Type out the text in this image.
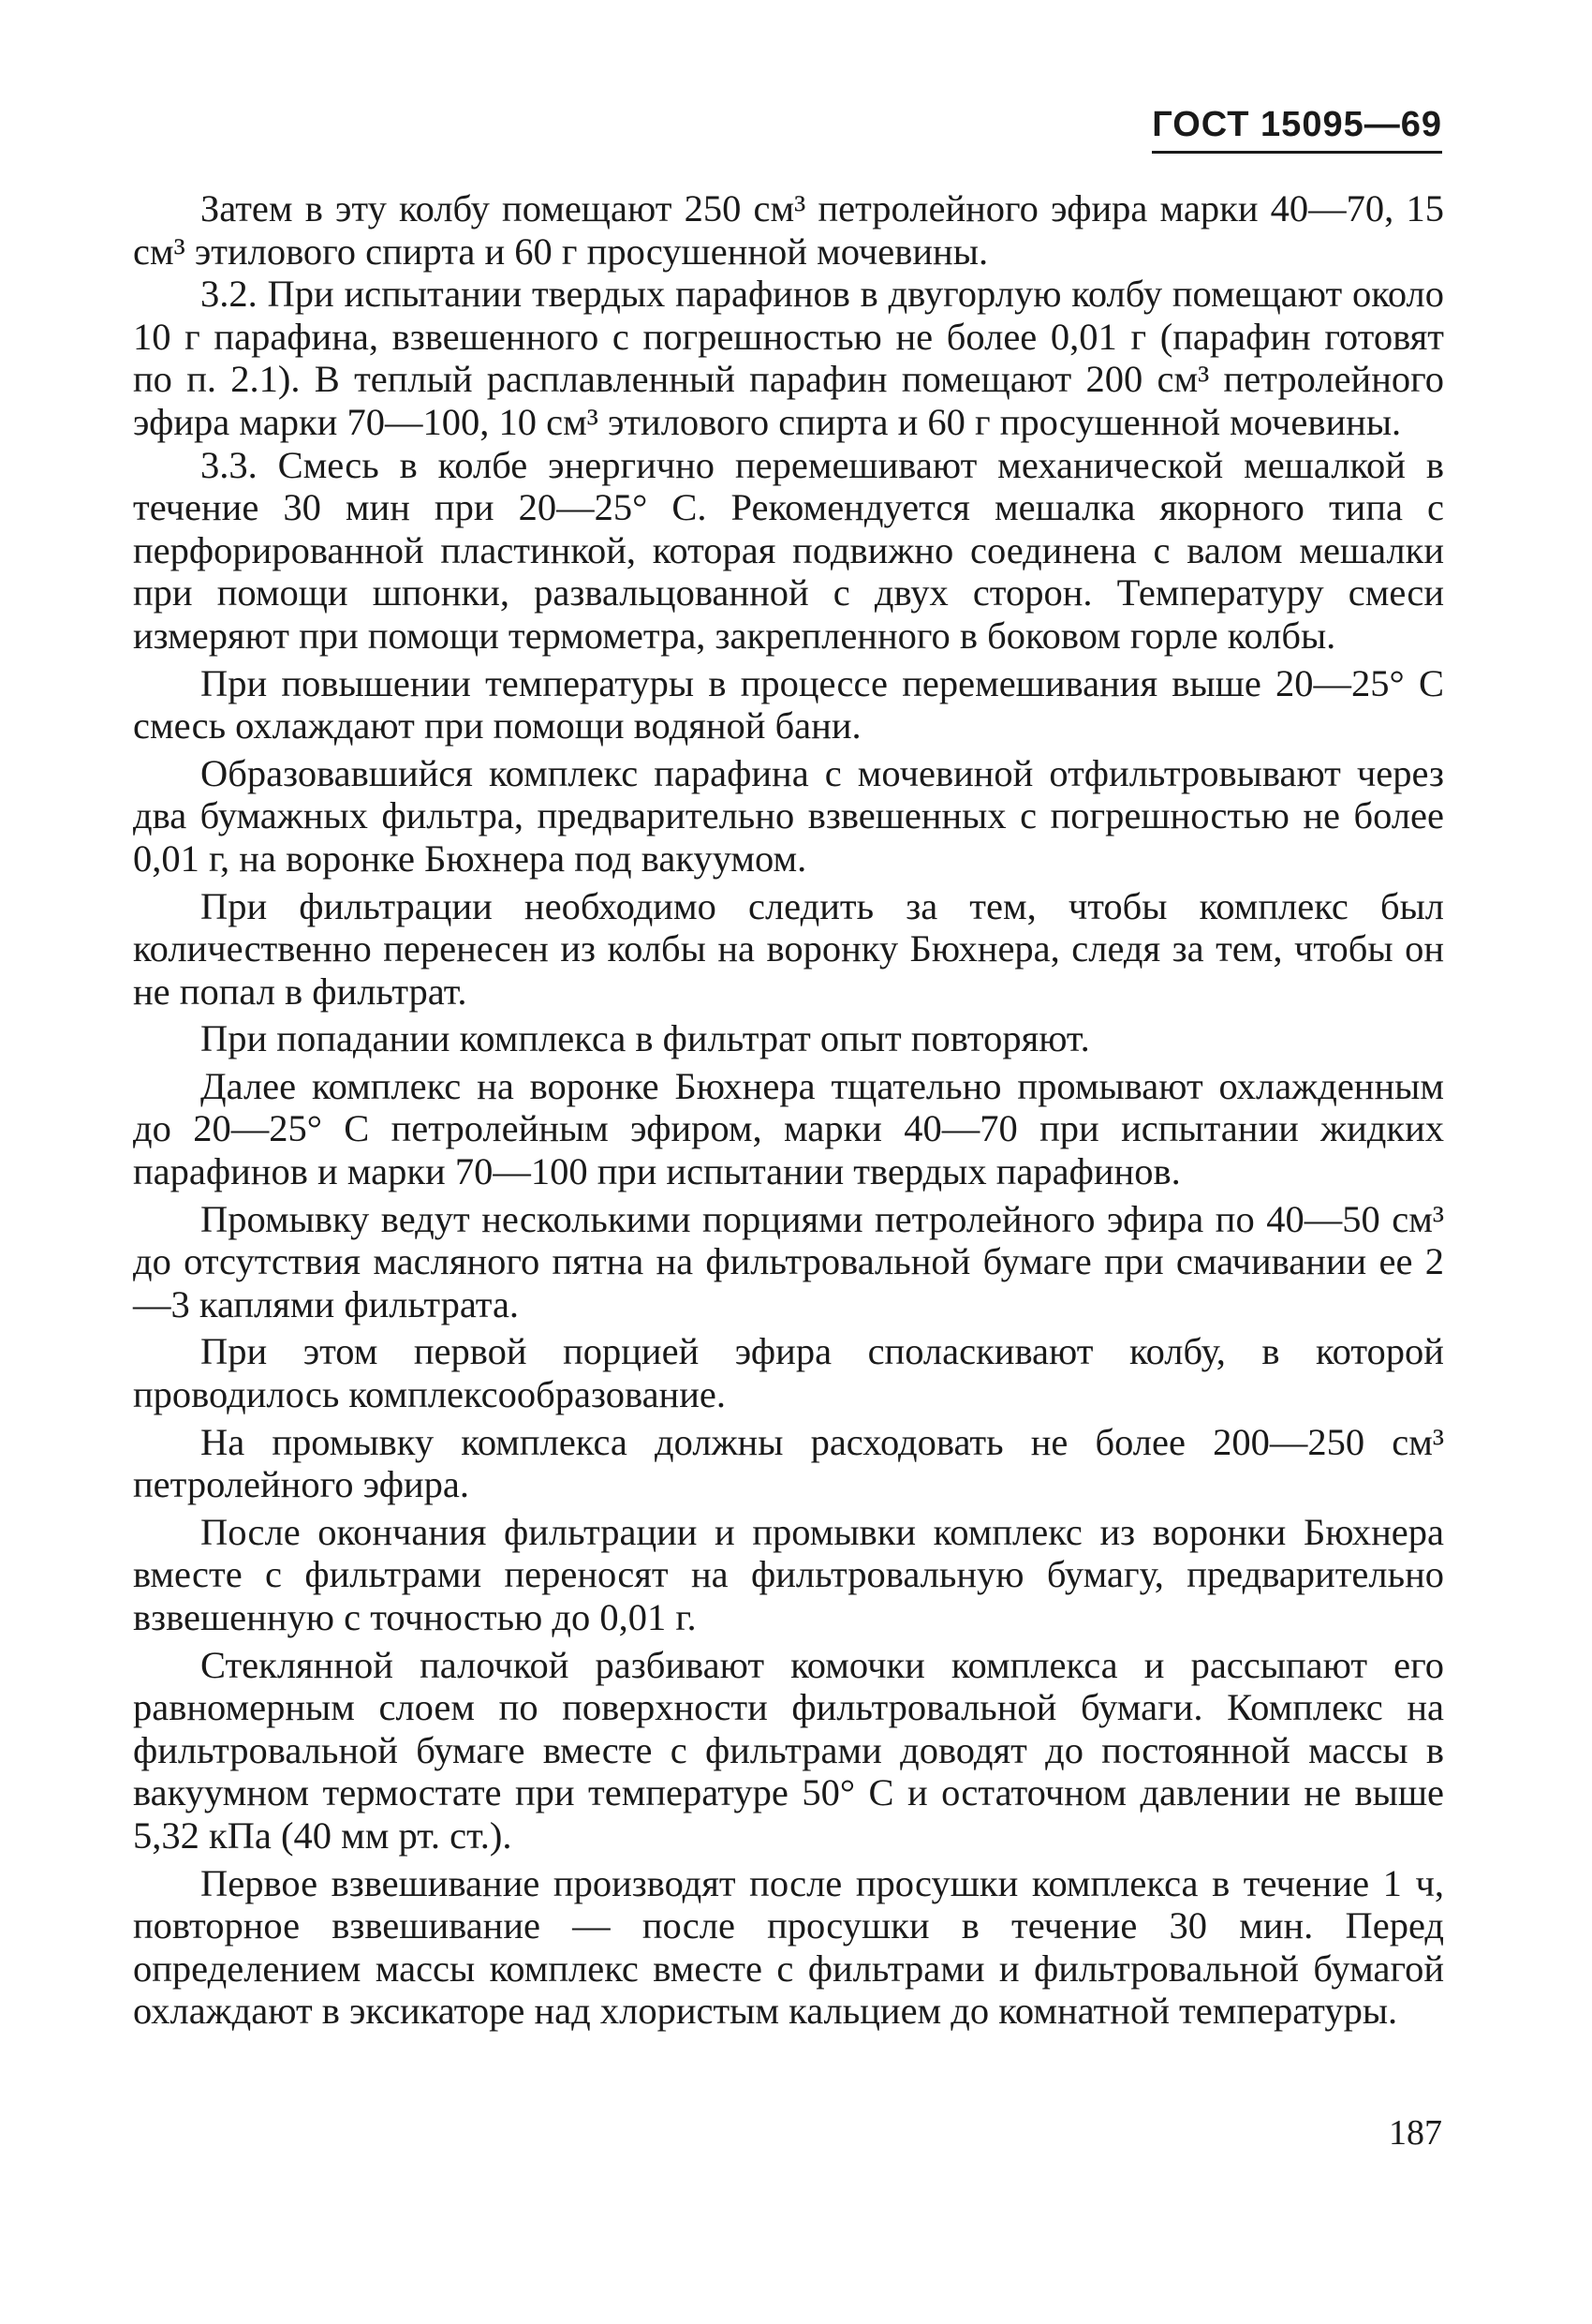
ГОСТ 15095—69

Затем в эту колбу помещают 250 см³ петролейного эфира марки 40—70, 15 см³ этилового спирта и 60 г просушенной мочевины.

3.2. При испытании твердых парафинов в двугорлую колбу помещают около 10 г парафина, взвешенного с погрешностью не более 0,01 г (парафин готовят по п. 2.1). В теплый расплавленный парафин помещают 200 см³ петролейного эфира марки 70—100, 10 см³ этилового спирта и 60 г просушенной мочевины.

3.3. Смесь в колбе энергично перемешивают механической мешалкой в течение 30 мин при 20—25° С. Рекомендуется мешалка якорного типа с перфорированной пластинкой, которая подвижно соединена с валом мешалки при помощи шпонки, развальцованной с двух сторон. Температуру смеси измеряют при помощи термометра, закрепленного в боковом горле колбы.

При повышении температуры в процессе перемешивания выше 20—25° С смесь охлаждают при помощи водяной бани.

Образовавшийся комплекс парафина с мочевиной отфильтровывают через два бумажных фильтра, предварительно взвешенных с погрешностью не более 0,01 г, на воронке Бюхнера под вакуумом.

При фильтрации необходимо следить за тем, чтобы комплекс был количественно перенесен из колбы на воронку Бюхнера, следя за тем, чтобы он не попал в фильтрат.

При попадании комплекса в фильтрат опыт повторяют.

Далее комплекс на воронке Бюхнера тщательно промывают охлажденным до 20—25° С петролейным эфиром, марки 40—70 при испытании жидких парафинов и марки 70—100 при испытании твердых парафинов.

Промывку ведут несколькими порциями петролейного эфира по 40—50 см³ до отсутствия масляного пятна на фильтровальной бумаге при смачивании ее 2—3 каплями фильтрата.

При этом первой порцией эфира споласкивают колбу, в которой проводилось комплексообразование.

На промывку комплекса должны расходовать не более 200—250 см³ петролейного эфира.

После окончания фильтрации и промывки комплекс из воронки Бюхнера вместе с фильтрами переносят на фильтровальную бумагу, предварительно взвешенную с точностью до 0,01 г.

Стеклянной палочкой разбивают комочки комплекса и рассыпают его равномерным слоем по поверхности фильтровальной бумаги. Комплекс на фильтровальной бумаге вместе с фильтрами доводят до постоянной массы в вакуумном термостате при температуре 50° С и остаточном давлении не выше 5,32 кПа (40 мм рт. ст.).

Первое взвешивание производят после просушки комплекса в течение 1 ч, повторное взвешивание — после просушки в течение 30 мин. Перед определением массы комплекс вместе с фильтрами и фильтровальной бумагой охлаждают в эксикаторе над хлористым кальцием до комнатной температуры.

187
